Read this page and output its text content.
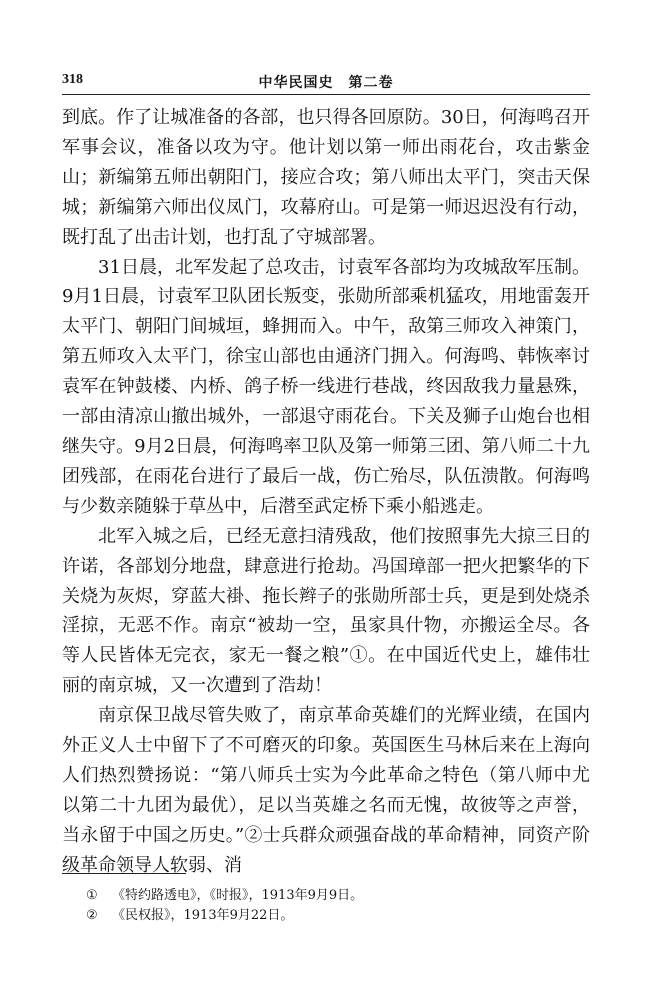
318	中华民国史　第二卷

到底。作了让城准备的各部，也只得各回原防。30日，何海鸣召开军事会议，准备以攻为守。他计划以第一师出雨花台，攻击紫金山；新编第五师出朝阳门，接应合攻；第八师出太平门，突击天保城；新编第六师出仪凤门，攻幕府山。可是第一师迟迟没有行动，既打乱了出击计划，也打乱了守城部署。

31日晨，北军发起了总攻击，讨袁军各部均为攻城敌军压制。9月1日晨，讨袁军卫队团长叛变，张勋所部乘机猛攻，用地雷轰开太平门、朝阳门间城垣，蜂拥而入。中午，敌第三师攻入神策门，第五师攻入太平门，徐宝山部也由通济门拥入。何海鸣、韩恢率讨袁军在钟鼓楼、内桥、鸽子桥一线进行巷战，终因敌我力量悬殊，一部由清凉山撤出城外，一部退守雨花台。下关及狮子山炮台也相继失守。9月2日晨，何海鸣率卫队及第一师第三团、第八师二十九团残部，在雨花台进行了最后一战，伤亡殆尽，队伍溃散。何海鸣与少数亲随躲于草丛中，后潜至武定桥下乘小船逃走。

北军入城之后，已经无意扫清残敌，他们按照事先大掠三日的许诺，各部划分地盘，肆意进行抢劫。冯国璋部一把火把繁华的下关烧为灰烬，穿蓝大褂、拖长辫子的张勋所部士兵，更是到处烧杀淫掠，无恶不作。南京“被劫一空，虽家具什物，亦搬运全尽。各等人民皆体无完衣，家无一餐之粮”①。在中国近代史上，雄伟壮丽的南京城，又一次遭到了浩劫！

南京保卫战尽管失败了，南京革命英雄们的光辉业绩，在国内外正义人士中留下了不可磨灭的印象。英国医生马林后来在上海向人们热烈赞扬说：“第八师兵士实为今此革命之特色（第八师中尤以第二十九团为最优），足以当英雄之名而无愧，故彼等之声誉，当永留于中国之历史。”②士兵群众顽强奋战的革命精神，同资产阶级革命领导人软弱、消

① 《特约路透电》，《时报》，1913年9月9日。
② 《民权报》，1913年9月22日。
